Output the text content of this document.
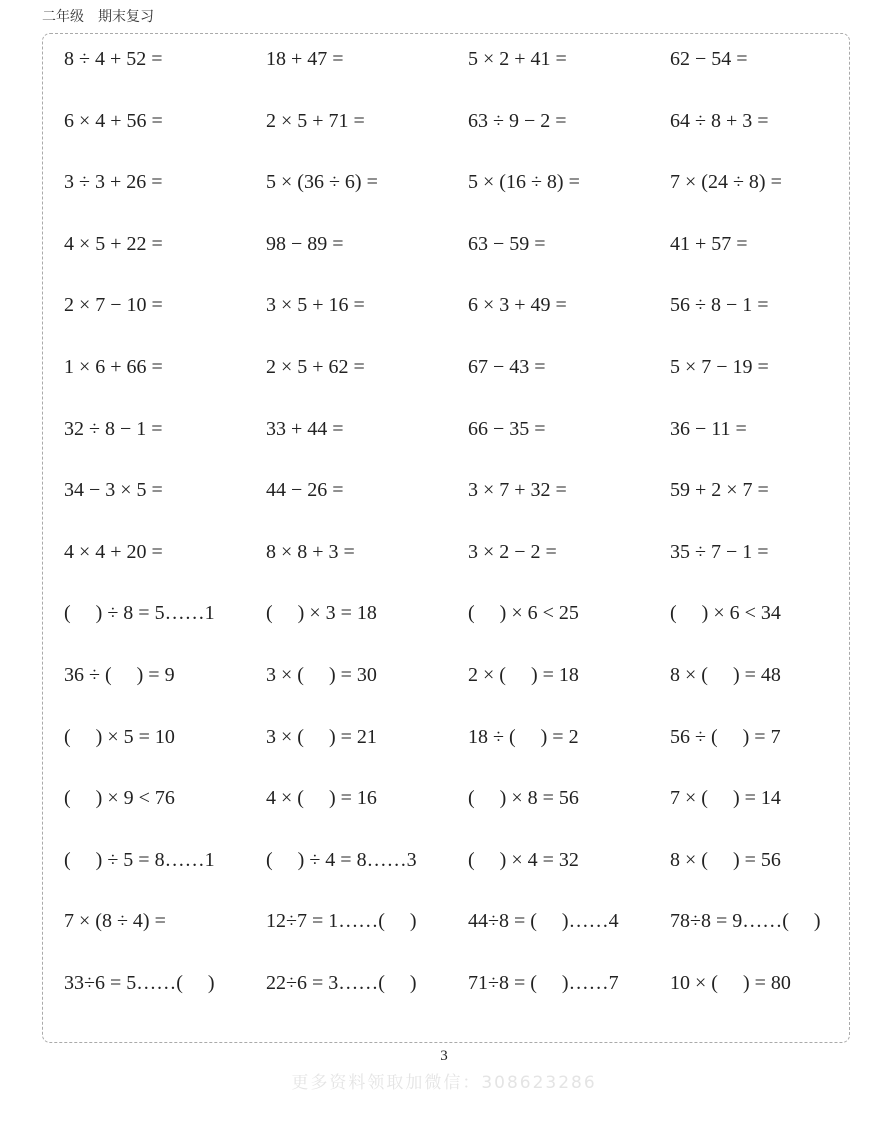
二年级　期末复习
8 ÷ 4 + 52 =	18 + 47 =	5 × 2 + 41 =	62 − 54 =
6 × 4 + 56 =	2 × 5 + 71 =	63 ÷ 9 − 2 =	64 ÷ 8 + 3 =
3 ÷ 3 + 26 =	5 × (36 ÷ 6) =	5 × (16 ÷ 8) =	7 × (24 ÷ 8) =
4 × 5 + 22 =	98 − 89 =	63 − 59 =	41 + 57 =
2 × 7 − 10 =	3 × 5 + 16 =	6 × 3 + 49 =	56 ÷ 8 − 1 =
1 × 6 + 66 =	2 × 5 + 62 =	67 − 43 =	5 × 7 − 19 =
32 ÷ 8 − 1 =	33 + 44 =	66 − 35 =	36 − 11 =
34 − 3 × 5 =	44 − 26 =	3 × 7 + 32 =	59 + 2 × 7 =
4 × 4 + 20 =	8 × 8 + 3 =	3 × 2 − 2 =	35 ÷ 7 − 1 =
(     ) ÷ 8 = 5……1	(     ) × 3 = 18	(     ) × 6 < 25	(     ) × 6 < 34
36 ÷ (     ) = 9	3 × (     ) = 30	2 × (     ) = 18	8 × (     ) = 48
(     ) × 5 = 10	3 × (     ) = 21	18 ÷ (     ) = 2	56 ÷ (     ) = 7
(     ) × 9 < 76	4 × (     ) = 16	(     ) × 8 = 56	7 × (     ) = 14
(     ) ÷ 5 = 8……1	(     ) ÷ 4 = 8……3	(     ) × 4 = 32	8 × (     ) = 56
7 × (8 ÷ 4) =	12÷7 = 1……(     )	44÷8 = (     )……4	78÷8 = 9……(     )
33÷6 = 5……(     )	22÷6 = 3……(     )	71÷8 = (     )……7	10 × (     ) = 80
3
更多资料领取加微信：308623286
